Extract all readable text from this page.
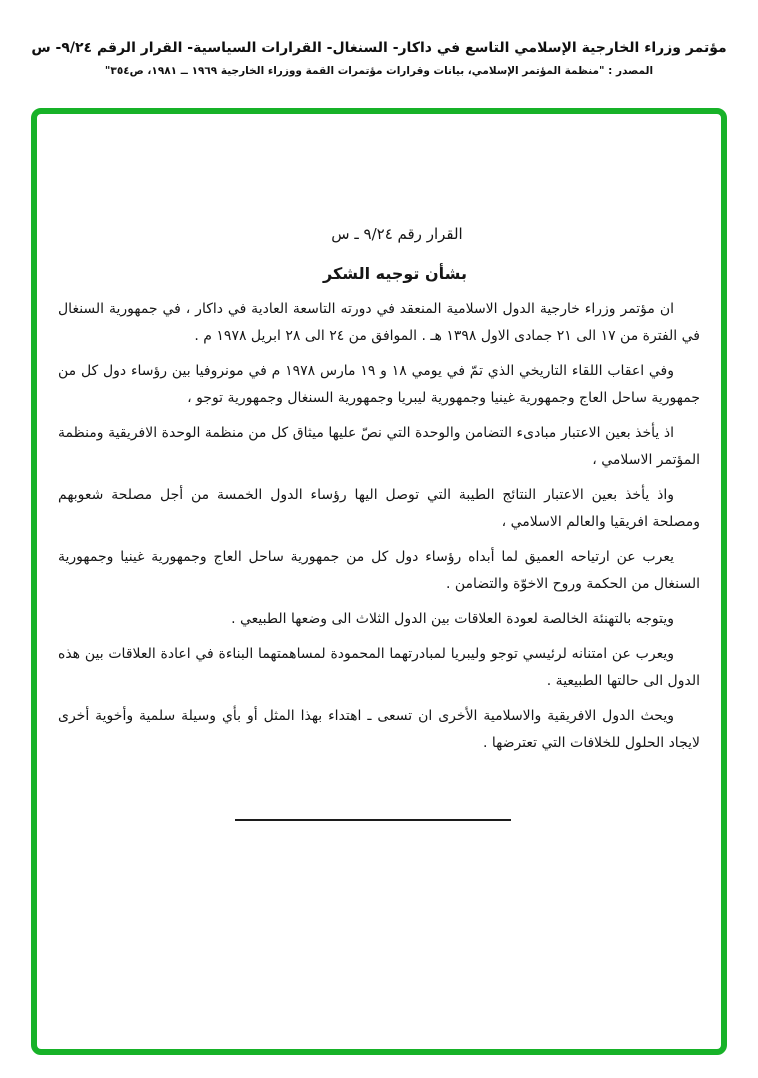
مؤتمر وزراء الخارجية الإسلامي التاسع في داكار- السنغال- القرارات السياسية- القرار الرقم ٩/٢٤- س
المصدر : "منظمة المؤتمر الإسلامي، بيانات وقرارات مؤتمرات القمة ووزراء الخارجية ١٩٦٩ ــ ١٩٨١، ص٣٥٤"
القرار رقم ٩/٢٤ ـ س
بشأن توجيه الشكر

ان مؤتمر وزراء خارجية الدول الاسلامية المنعقد في دورته التاسعة العادية في داكار ، في جمهورية السنغال في الفترة من ١٧ الى ٢١ جمادى الاول ١٣٩٨ هـ . الموافق من ٢٤ الى ٢٨ ابريل ١٩٧٨ م .

وفي اعقاب اللقاء التاريخي الذي تمّ في يومي ١٨ و ١٩ مارس ١٩٧٨ م في مونروفيا بين رؤساء دول كل من جمهورية ساحل العاج وجمهورية غينيا وجمهورية ليبريا وجمهورية السنغال وجمهورية توجو ،

اذ يأخذ بعين الاعتبار مبادىء التضامن والوحدة التي نصّ عليها ميثاق كل من منظمة الوحدة الافريقية ومنظمة المؤتمر الاسلامي ،

واذ يأخذ بعين الاعتبار النتائج الطيبة التي توصل اليها رؤساء الدول الخمسة من أجل مصلحة شعوبهم ومصلحة افريقيا والعالم الاسلامي ،

يعرب عن ارتياحه العميق لما أبداه رؤساء دول كل من جمهورية ساحل العاج وجمهورية غينيا وجمهورية السنغال من الحكمة وروح الاخوّة والتضامن .

ويتوجه بالتهنئة الخالصة لعودة العلاقات بين الدول الثلاث الى وضعها الطبيعي .

ويعرب عن امتنانه لرئيسي توجو وليبريا لمبادرتهما المحمودة لمساهمتهما البناءة في اعادة العلاقات بين هذه الدول الى حالتها الطبيعية .

ويحث الدول الافريقية والاسلامية الأخرى ان تسعى ـ اهتداء بهذا المثل أو بأي وسيلة سلمية وأخوية أخرى لايجاد الحلول للخلافات التي تعترضها .
